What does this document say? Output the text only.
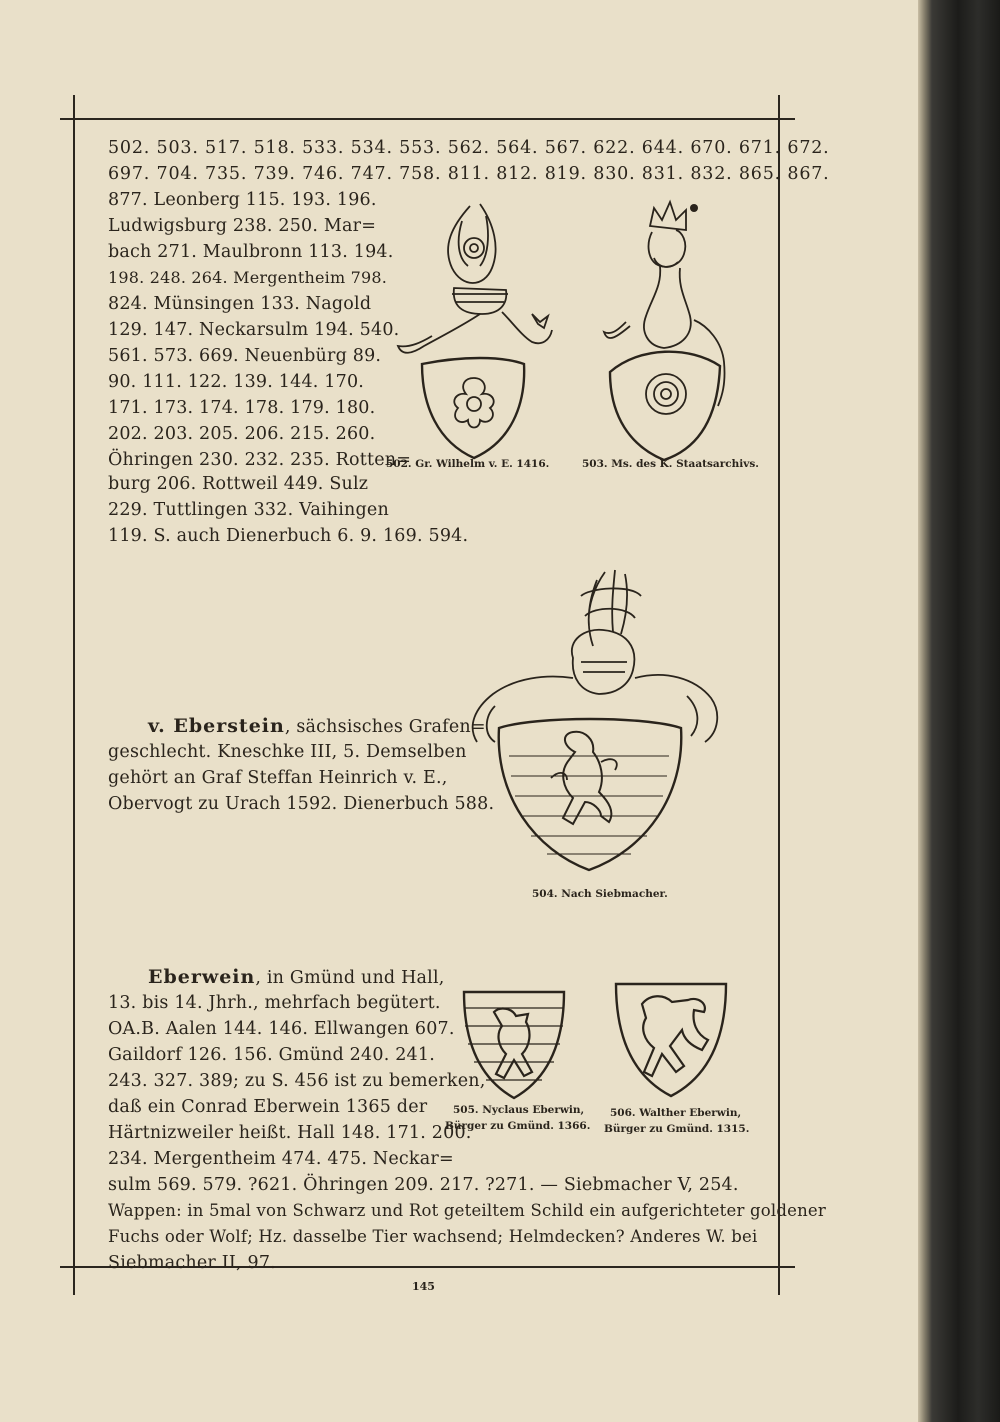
502. 503. 517. 518. 533. 534. 553. 562. 564. 567. 622. 644. 670. 671. 672.
697. 704. 735. 739. 746. 747. 758. 811. 812. 819. 830. 831. 832. 865. 867.
877. Leonberg 115. 193. 196.
Ludwigsburg 238. 250. Mar=
bach 271. Maulbronn 113. 194.
198. 248. 264. Mergentheim 798.
824. Münsingen 133. Nagold
129. 147. Neckarsulm 194. 540.
561. 573. 669. Neuenbürg 89.
90. 111. 122. 139. 144. 170.
171. 173. 174. 178. 179. 180.
202. 203. 205. 206. 215. 260.
Öhringen 230. 232. 235. Rotten=
burg 206. Rottweil 449. Sulz
229. Tuttlingen 332. Vaihingen
119. S. auch Dienerbuch 6. 9. 169. 594.
502. Gr. Wilhelm v. E. 1416.	503. Ms. des K. Staatsarchivs.
v. Eberstein, sächsisches Grafen=
geschlecht. Kneschke III, 5. Demselben
gehört an Graf Steffan Heinrich v. E.,
Obervogt zu Urach 1592. Dienerbuch 588.
504. Nach Siebmacher.
Eberwein, in Gmünd und Hall,
13. bis 14. Jhrh., mehrfach begütert.
OA.B. Aalen 144. 146. Ellwangen 607.
Gaildorf 126. 156. Gmünd 240. 241.
243. 327. 389; zu S. 456 ist zu bemerken,
daß ein Conrad Eberwein 1365 der
Härtnizweiler heißt. Hall 148. 171. 200.
234. Mergentheim 474. 475. Neckar=
sulm 569. 579. ?621. Öhringen 209. 217. ?271. — Siebmacher V, 254.
Wappen: in 5mal von Schwarz und Rot geteiltem Schild ein aufgerichteter goldener
Fuchs oder Wolf; Hz. dasselbe Tier wachsend; Helmdecken? Anderes W. bei
Siebmacher II, 97.
505. Nyclaus Eberwin,
Bürger zu Gmünd. 1366.
506. Walther Eberwin,
Bürger zu Gmünd. 1315.
145
